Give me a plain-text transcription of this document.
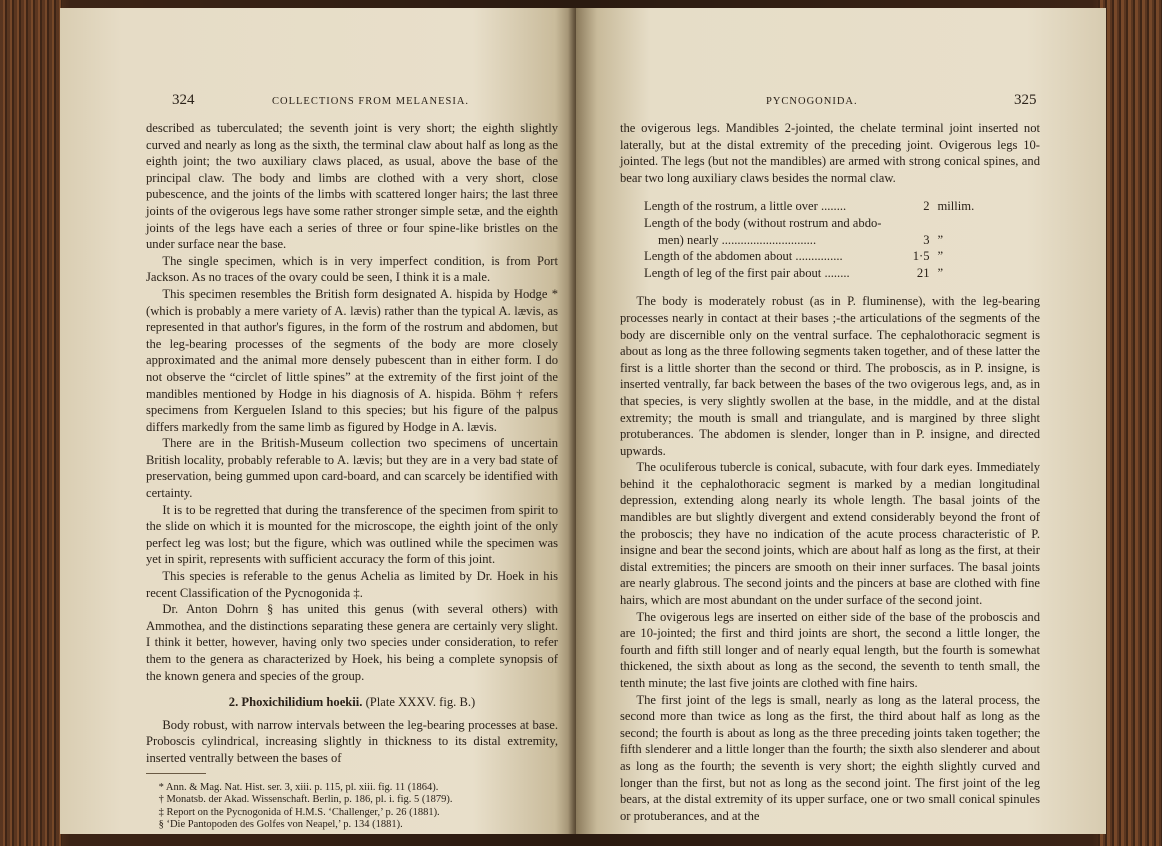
324	COLLECTIONS FROM MELANESIA.

described as tuberculated; the seventh joint is very short; the eighth slightly curved and nearly as long as the sixth, the terminal claw about half as long as the eighth joint; the two auxiliary claws placed, as usual, above the base of the principal claw. The body and limbs are clothed with a very short, close pubescence, and the joints of the limbs with scattered longer hairs; the last three joints of the ovigerous legs have some rather stronger simple setæ, and the eighth joints of the legs have each a series of three or four spine-like bristles on the under surface near the base.

The single specimen, which is in very imperfect condition, is from Port Jackson. As no traces of the ovary could be seen, I think it is a male.

This specimen resembles the British form designated A. hispida by Hodge * (which is probably a mere variety of A. lævis) rather than the typical A. lævis, as represented in that author's figures, in the form of the rostrum and abdomen, but the leg-bearing processes of the segments of the body are more closely approximated and the animal more densely pubescent than in either form. I do not observe the “circlet of little spines” at the extremity of the first joint of the mandibles mentioned by Hodge in his diagnosis of A. hispida. Böhm † refers specimens from Kerguelen Island to this species; but his figure of the palpus differs markedly from the same limb as figured by Hodge in A. lævis.

There are in the British-Museum collection two specimens of uncertain British locality, probably referable to A. lævis; but they are in a very bad state of preservation, being gummed upon card-board, and can scarcely be identified with certainty.

It is to be regretted that during the transference of the specimen from spirit to the slide on which it is mounted for the microscope, the eighth joint of the only perfect leg was lost; but the figure, which was outlined while the specimen was yet in spirit, represents with sufficient accuracy the form of this joint.

This species is referable to the genus Achelia as limited by Dr. Hoek in his recent Classification of the Pycnogonida ‡.

Dr. Anton Dohrn § has united this genus (with several others) with Ammothea, and the distinctions separating these genera are certainly very slight. I think it better, however, having only two species under consideration, to refer them to the genera as characterized by Hoek, his being a complete synopsis of the known genera and species of the group.

2. Phoxichilidium hoekii. (Plate XXXV. fig. B.)

Body robust, with narrow intervals between the leg-bearing processes at base. Proboscis cylindrical, increasing slightly in thickness to its distal extremity, inserted ventrally between the bases of

* Ann. & Mag. Nat. Hist. ser. 3, xiii. p. 115, pl. xiii. fig. 11 (1864).
† Monatsb. der Akad. Wissenschaft. Berlin, p. 186, pl. i. fig. 5 (1879).
‡ Report on the Pycnogonida of H.M.S. ‘Challenger,’ p. 26 (1881).
§ ‘Die Pantopoden des Golfes von Neapel,’ p. 134 (1881).
PYCNOGONIDA.	325

the ovigerous legs. Mandibles 2-jointed, the chelate terminal joint inserted not laterally, but at the distal extremity of the preceding joint. Ovigerous legs 10-jointed. The legs (but not the mandibles) are armed with strong conical spines, and bear two long auxiliary claws besides the normal claw.

Length of the rostrum, a little over ........	2	millim.
Length of the body (without rostrum and abdo-		
men) nearly ..............................	3	”
Length of the abdomen about ...............	1·5	”
Length of leg of the first pair about ........	21	”

The body is moderately robust (as in P. fluminense), with the leg-bearing processes nearly in contact at their bases ;-the articulations of the segments of the body are discernible only on the ventral surface. The cephalothoracic segment is about as long as the three following segments taken together, and of these latter the first is a little shorter than the second or third. The proboscis, as in P. insigne, is inserted ventrally, far back between the bases of the two ovigerous legs, and, as in that species, is very slightly swollen at the base, in the middle, and at the distal extremity; the mouth is small and triangulate, and is margined by three slight protuberances. The abdomen is slender, longer than in P. insigne, and directed upwards.

The oculiferous tubercle is conical, subacute, with four dark eyes. Immediately behind it the cephalothoracic segment is marked by a median longitudinal depression, extending along nearly its whole length. The basal joints of the mandibles are but slightly divergent and extend considerably beyond the front of the proboscis; they have no indication of the acute process characteristic of P. insigne and bear the second joints, which are about half as long as the first, at their distal extremities; the pincers are smooth on their inner surfaces. The basal joints are nearly glabrous. The second joints and the pincers at base are clothed with fine hairs, which are most abundant on the under surface of the second joint.

The ovigerous legs are inserted on either side of the base of the proboscis and are 10-jointed; the first and third joints are short, the second a little longer, the fourth and fifth still longer and of nearly equal length, but the fourth is somewhat thickened, the sixth about as long as the second, the seventh to tenth small, the tenth minute; the last five joints are clothed with fine hairs.

The first joint of the legs is small, nearly as long as the lateral process, the second more than twice as long as the first, the third about half as long as the second; the fourth is about as long as the three preceding joints taken together; the fifth slenderer and a little longer than the fourth; the sixth also slenderer and about as long as the fourth; the seventh is very short; the eighth slightly curved and longer than the first, but not as long as the second joint. The first joint of the leg bears, at the distal extremity of its upper surface, one or two small conical spinules or protuberances, and at the
